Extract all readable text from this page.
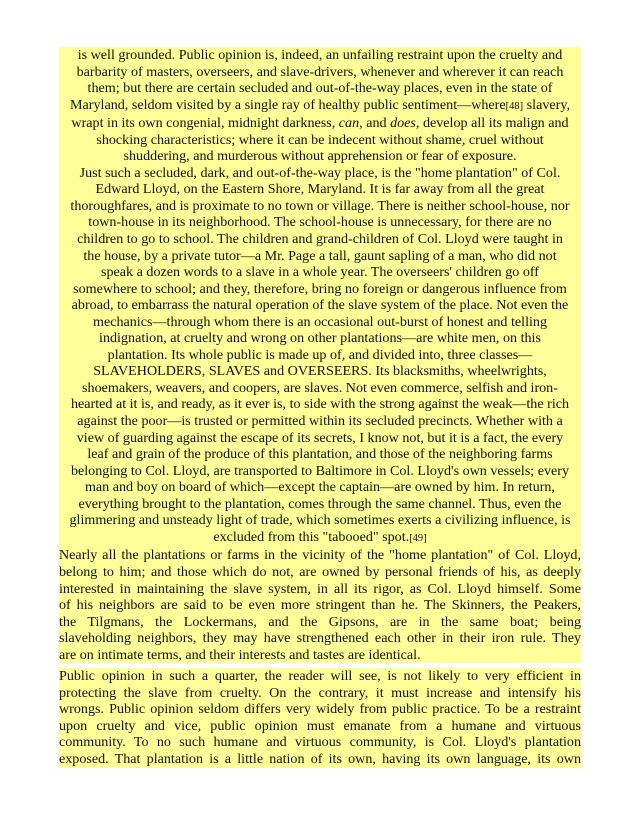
is well grounded. Public opinion is, indeed, an unfailing restraint upon the cruelty and
barbarity of masters, overseers, and slave-drivers, whenever and wherever it can reach
them; but there are certain secluded and out-of-the-way places, even in the state of
Maryland, seldom visited by a single ray of healthy public sentiment—where[48] slavery,
wrapt in its own congenial, midnight darkness, can, and does, develop all its malign and
shocking characteristics; where it can be indecent without shame, cruel without
shuddering, and murderous without apprehension or fear of exposure.
Just such a secluded, dark, and out-of-the-way place, is the "home plantation" of Col.
Edward Lloyd, on the Eastern Shore, Maryland. It is far away from all the great
thoroughfares, and is proximate to no town or village. There is neither school-house, nor
town-house in its neighborhood. The school-house is unnecessary, for there are no
children to go to school. The children and grand-children of Col. Lloyd were taught in
the house, by a private tutor—a Mr. Page a tall, gaunt sapling of a man, who did not
speak a dozen words to a slave in a whole year. The overseers' children go off
somewhere to school; and they, therefore, bring no foreign or dangerous influence from
abroad, to embarrass the natural operation of the slave system of the place. Not even the
mechanics—through whom there is an occasional out-burst of honest and telling
indignation, at cruelty and wrong on other plantations—are white men, on this
plantation. Its whole public is made up of, and divided into, three classes—
SLAVEHOLDERS, SLAVES and OVERSEERS. Its blacksmiths, wheelwrights,
shoemakers, weavers, and coopers, are slaves. Not even commerce, selfish and iron-
hearted at it is, and ready, as it ever is, to side with the strong against the weak—the rich
against the poor—is trusted or permitted within its secluded precincts. Whether with a
view of guarding against the escape of its secrets, I know not, but it is a fact, the every
leaf and grain of the produce of this plantation, and those of the neighboring farms
belonging to Col. Lloyd, are transported to Baltimore in Col. Lloyd's own vessels; every
man and boy on board of which—except the captain—are owned by him. In return,
everything brought to the plantation, comes through the same channel. Thus, even the
glimmering and unsteady light of trade, which sometimes exerts a civilizing influence, is
excluded from this "tabooed" spot.[49]
Nearly all the plantations or farms in the vicinity of the "home plantation" of Col. Lloyd,
belong to him; and those which do not, are owned by personal friends of his, as deeply
interested in maintaining the slave system, in all its rigor, as Col. Lloyd himself. Some
of his neighbors are said to be even more stringent than he. The Skinners, the Peakers,
the Tilgmans, the Lockermans, and the Gipsons, are in the same boat; being
slaveholding neighbors, they may have strengthened each other in their iron rule. They
are on intimate terms, and their interests and tastes are identical.
Public opinion in such a quarter, the reader will see, is not likely to very efficient in
protecting the slave from cruelty. On the contrary, it must increase and intensify his
wrongs. Public opinion seldom differs very widely from public practice. To be a restraint
upon cruelty and vice, public opinion must emanate from a humane and virtuous
community. To no such humane and virtuous community, is Col. Lloyd's plantation
exposed. That plantation is a little nation of its own, having its own language, its own
